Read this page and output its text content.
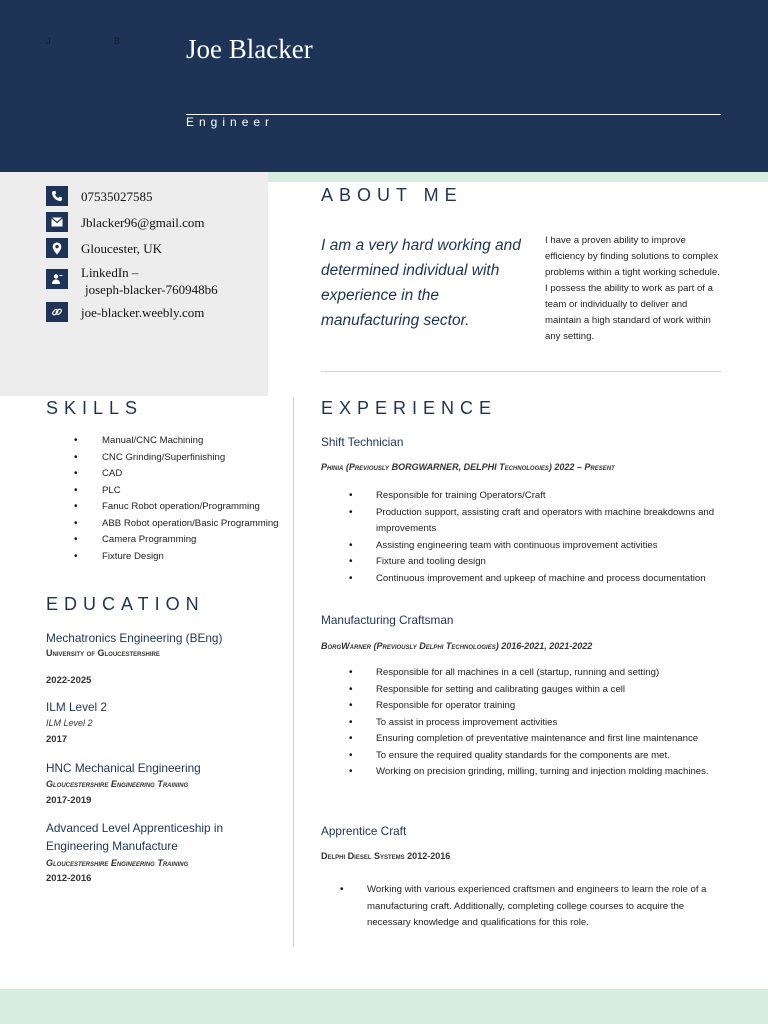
J	B Joe Blacker
Engineer
07535027585
Jblacker96@gmail.com
Gloucester, UK
LinkedIn –
joseph-blacker-760948b6
joe-blacker.weebly.com
ABOUT ME
I am a very hard working and determined individual with experience in the manufacturing sector.
I have a proven ability to improve efficiency by finding solutions to complex problems within a tight working schedule. I possess the ability to work as part of a team or individually to deliver and maintain a high standard of work within any setting.
SKILLS
• Manual/CNC Machining
• CNC Grinding/Superfinishing
• CAD
• PLC
• Fanuc Robot operation/Programming
• ABB Robot operation/Basic Programming
• Camera Programming
• Fixture Design
EDUCATION
Mechatronics Engineering (BEng)
University of Gloucestershire
2022-2025
ILM Level 2
ILM Level 2
2017
HNC Mechanical Engineering
Gloucestershire Engineering Training
2017-2019
Advanced Level Apprenticeship in Engineering Manufacture
Gloucestershire Engineering Training
2012-2016
EXPERIENCE
Shift Technician
Phinia (Previously BORGWARNER, DELPHI Technologies) 2022 – Present
• Responsible for training Operators/Craft
• Production support, assisting craft and operators with machine breakdowns and improvements
• Assisting engineering team with continuous improvement activities
• Fixture and tooling design
• Continuous improvement and upkeep of machine and process documentation
Manufacturing Craftsman
BorgWarner (Previously Delphi Technologies) 2016-2021, 2021-2022
• Responsible for all machines in a cell (startup, running and setting)
• Responsible for setting and calibrating gauges within a cell
• Responsible for operator training
• To assist in process improvement activities
• Ensuring completion of preventative maintenance and first line maintenance
• To ensure the required quality standards for the components are met.
• Working on precision grinding, milling, turning and injection molding machines.
Apprentice Craft
Delphi Diesel Systems 2012-2016
• Working with various experienced craftsmen and engineers to learn the role of a manufacturing craft. Additionally, completing college courses to acquire the necessary knowledge and qualifications for this role.
